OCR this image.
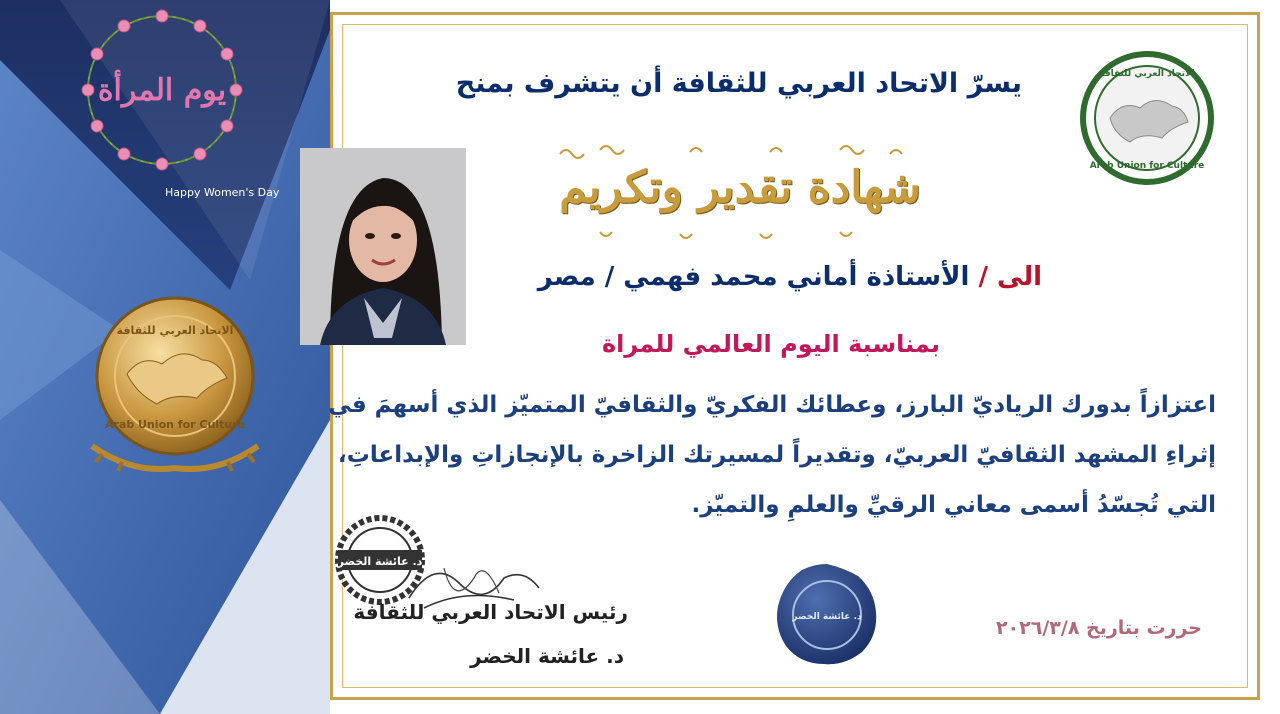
يوم المرأة
Happy Women's Day
الاتحاد العربي للثقافة
Arab Union for Culture
الاتحاد العربي للثقافة
Arab Union for Culture
شهادة تقدير وتكريم
يسرّ الاتحاد العربي للثقافة أن يتشرف بمنح
الى / الأستاذة أماني محمد فهمي / مصر
بمناسبة اليوم العالمي للمراة
اعتزازاً بدورك الرياديّ البارز، وعطائك الفكريّ والثقافيّ المتميّز الذي أسهمَ في إثراءِ المشهد الثقافيّ العربيّ، وتقديراً لمسيرتك الزاخرة بالإنجازاتِ والإبداعاتِ، التي تُجسّدُ أسمى معاني الرقيِّ والعلمِ والتميّز.
د. عائشة الخضر
رئيس الاتحاد العربي للثقافة
د. عائشة الخضر
د. عائشة الخضر	حررت بتاريخ ٢٠٢٦/٣/٨
